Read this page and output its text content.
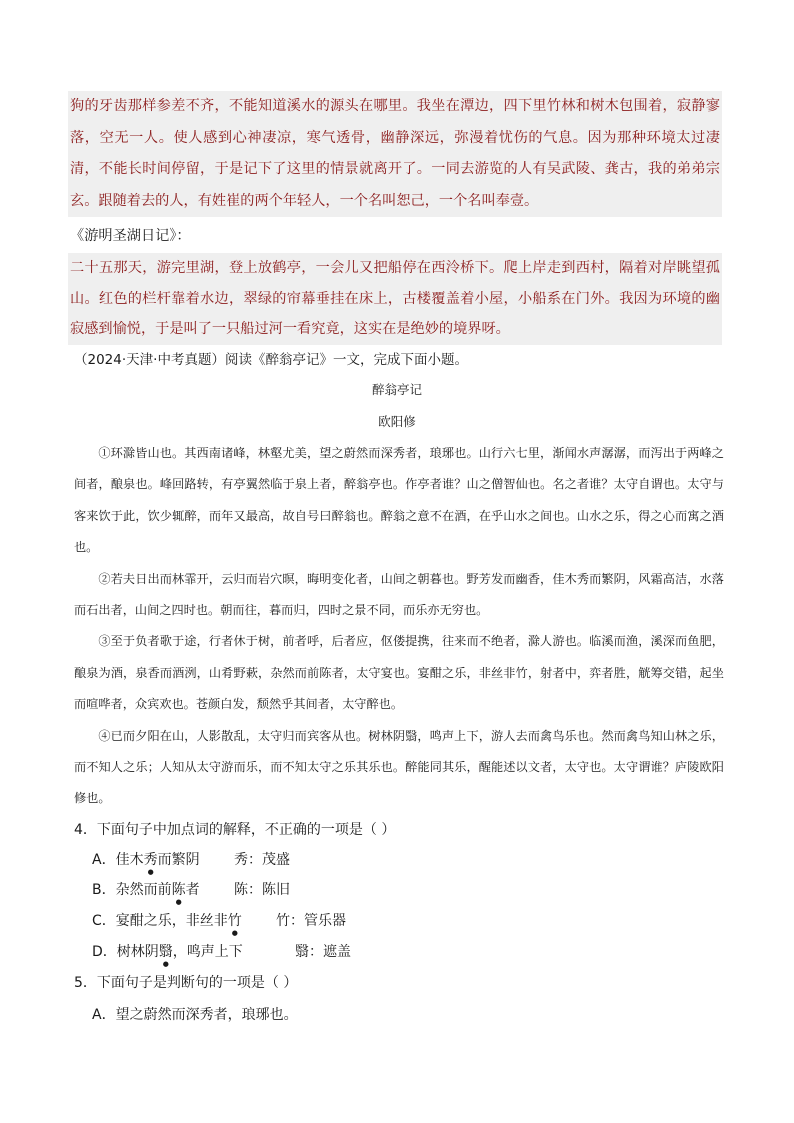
狗的牙齿那样参差不齐，不能知道溪水的源头在哪里。我坐在潭边，四下里竹林和树木包围着，寂静寥落，空无一人。使人感到心神凄凉，寒气透骨，幽静深远，弥漫着忧伤的气息。因为那种环境太过凄清，不能长时间停留，于是记下了这里的情景就离开了。一同去游览的人有吴武陵、龚古，我的弟弟宗玄。跟随着去的人，有姓崔的两个年轻人，一个名叫恕己，一个名叫奉壹。

《游明圣湖日记》：

二十五那天，游完里湖，登上放鹤亭，一会儿又把船停在西泠桥下。爬上岸走到西村，隔着对岸眺望孤山。红色的栏杆靠着水边，翠绿的帘幕垂挂在床上，古楼覆盖着小屋，小船系在门外。我因为环境的幽寂感到愉悦，于是叫了一只船过河一看究竟，这实在是绝妙的境界呀。

（2024·天津·中考真题）阅读《醉翁亭记》一文，完成下面小题。
醉翁亭记
欧阳修

①环滁皆山也。其西南诸峰，林壑尤美，望之蔚然而深秀者，琅琊也。山行六七里，渐闻水声潺潺，而泻出于两峰之间者，酿泉也。峰回路转，有亭翼然临于泉上者，醉翁亭也。作亭者谁？山之僧智仙也。名之者谁？太守自谓也。太守与客来饮于此，饮少辄醉，而年又最高，故自号曰醉翁也。醉翁之意不在酒，在乎山水之间也。山水之乐，得之心而寓之酒也。

②若夫日出而林霏开，云归而岩穴暝，晦明变化者，山间之朝暮也。野芳发而幽香，佳木秀而繁阴，风霜高洁，水落而石出者，山间之四时也。朝而往，暮而归，四时之景不同，而乐亦无穷也。

③至于负者歌于途，行者休于树，前者呼，后者应，伛偻提携，往来而不绝者，滁人游也。临溪而渔，溪深而鱼肥，酿泉为酒，泉香而酒洌，山肴野蔌，杂然而前陈者，太守宴也。宴酣之乐，非丝非竹，射者中，弈者胜，觥筹交错，起坐而喧哗者，众宾欢也。苍颜白发，颓然乎其间者，太守醉也。

④已而夕阳在山，人影散乱，太守归而宾客从也。树林阴翳，鸣声上下，游人去而禽鸟乐也。然而禽鸟知山林之乐，而不知人之乐；人知从太守游而乐，而不知太守之乐其乐也。醉能同其乐，醒能述以文者，太守也。太守谓谁？庐陵欧阳修也。

4．下面句子中加点词的解释，不正确的一项是（ ）
A．佳木秀而繁阴 秀：茂盛
B．杂然而前陈者 陈：陈旧
C．宴酣之乐，非丝非竹 竹：管乐器
D．树林阴翳，鸣声上下	翳：遮盖
5．下面句子是判断句的一项是（ ）
A．望之蔚然而深秀者，琅琊也。
